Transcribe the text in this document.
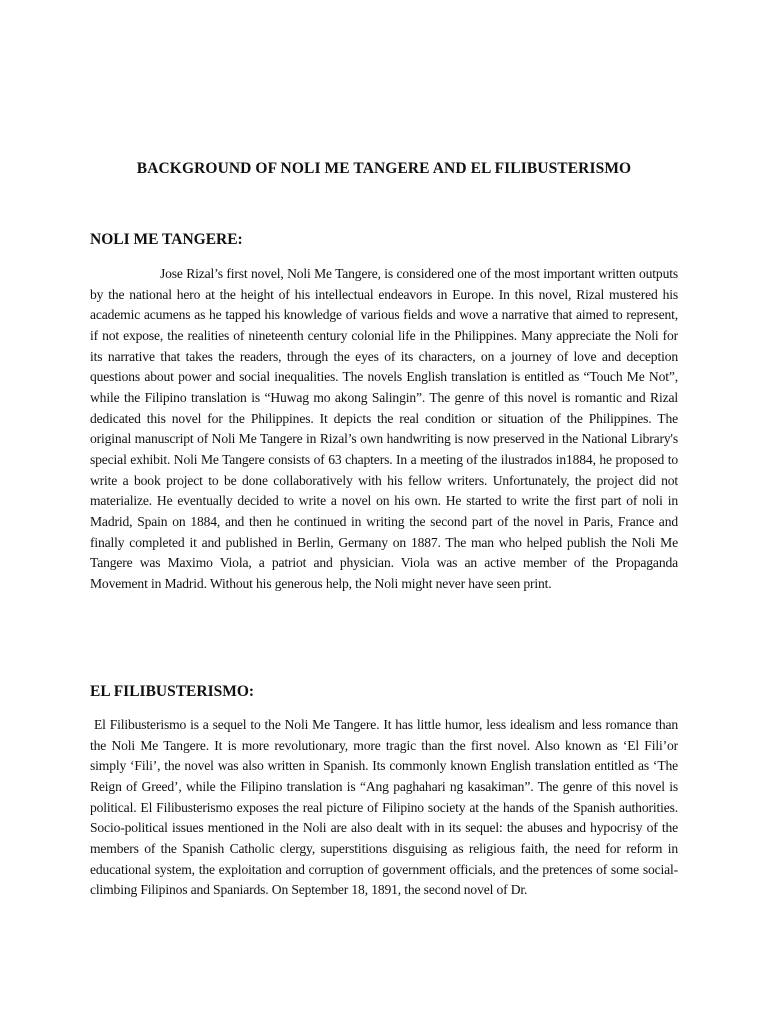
BACKGROUND OF NOLI ME TANGERE AND EL FILIBUSTERISMO
NOLI ME TANGERE:

Jose Rizal’s first novel, Noli Me Tangere, is considered one of the most important written outputs by the national hero at the height of his intellectual endeavors in Europe. In this novel, Rizal mustered his academic acumens as he tapped his knowledge of various fields and wove a narrative that aimed to represent, if not expose, the realities of nineteenth century colonial life in the Philippines. Many appreciate the Noli for its narrative that takes the readers, through the eyes of its characters, on a journey of love and deception questions about power and social inequalities. The novels English translation is entitled as “Touch Me Not”, while the Filipino translation is “Huwag mo akong Salingin”. The genre of this novel is romantic and Rizal dedicated this novel for the Philippines. It depicts the real condition or situation of the Philippines. The original manuscript of Noli Me Tangere in Rizal’s own handwriting is now preserved in the National Library's special exhibit. Noli Me Tangere consists of 63 chapters. In a meeting of the ilustrados in1884, he proposed to write a book project to be done collaboratively with his fellow writers. Unfortunately, the project did not materialize. He eventually decided to write a novel on his own. He started to write the first part of noli in Madrid, Spain on 1884, and then he continued in writing the second part of the novel in Paris, France and finally completed it and published in Berlin, Germany on 1887. The man who helped publish the Noli Me Tangere was Maximo Viola, a patriot and physician. Viola was an active member of the Propaganda Movement in Madrid. Without his generous help, the Noli might never have seen print.

EL FILIBUSTERISMO:

El Filibusterismo is a sequel to the Noli Me Tangere. It has little humor, less idealism and less romance than the Noli Me Tangere. It is more revolutionary, more tragic than the first novel. Also known as ‘El Fili’or simply ‘Fili’, the novel was also written in Spanish. Its commonly known English translation entitled as ‘The Reign of Greed’, while the Filipino translation is “Ang paghahari ng kasakiman”. The genre of this novel is political. El Filibusterismo exposes the real picture of Filipino society at the hands of the Spanish authorities. Socio-political issues mentioned in the Noli are also dealt with in its sequel: the abuses and hypocrisy of the members of the Spanish Catholic clergy, superstitions disguising as religious faith, the need for reform in educational system, the exploitation and corruption of government officials, and the pretences of some social-climbing Filipinos and Spaniards. On September 18, 1891, the second novel of Dr.
